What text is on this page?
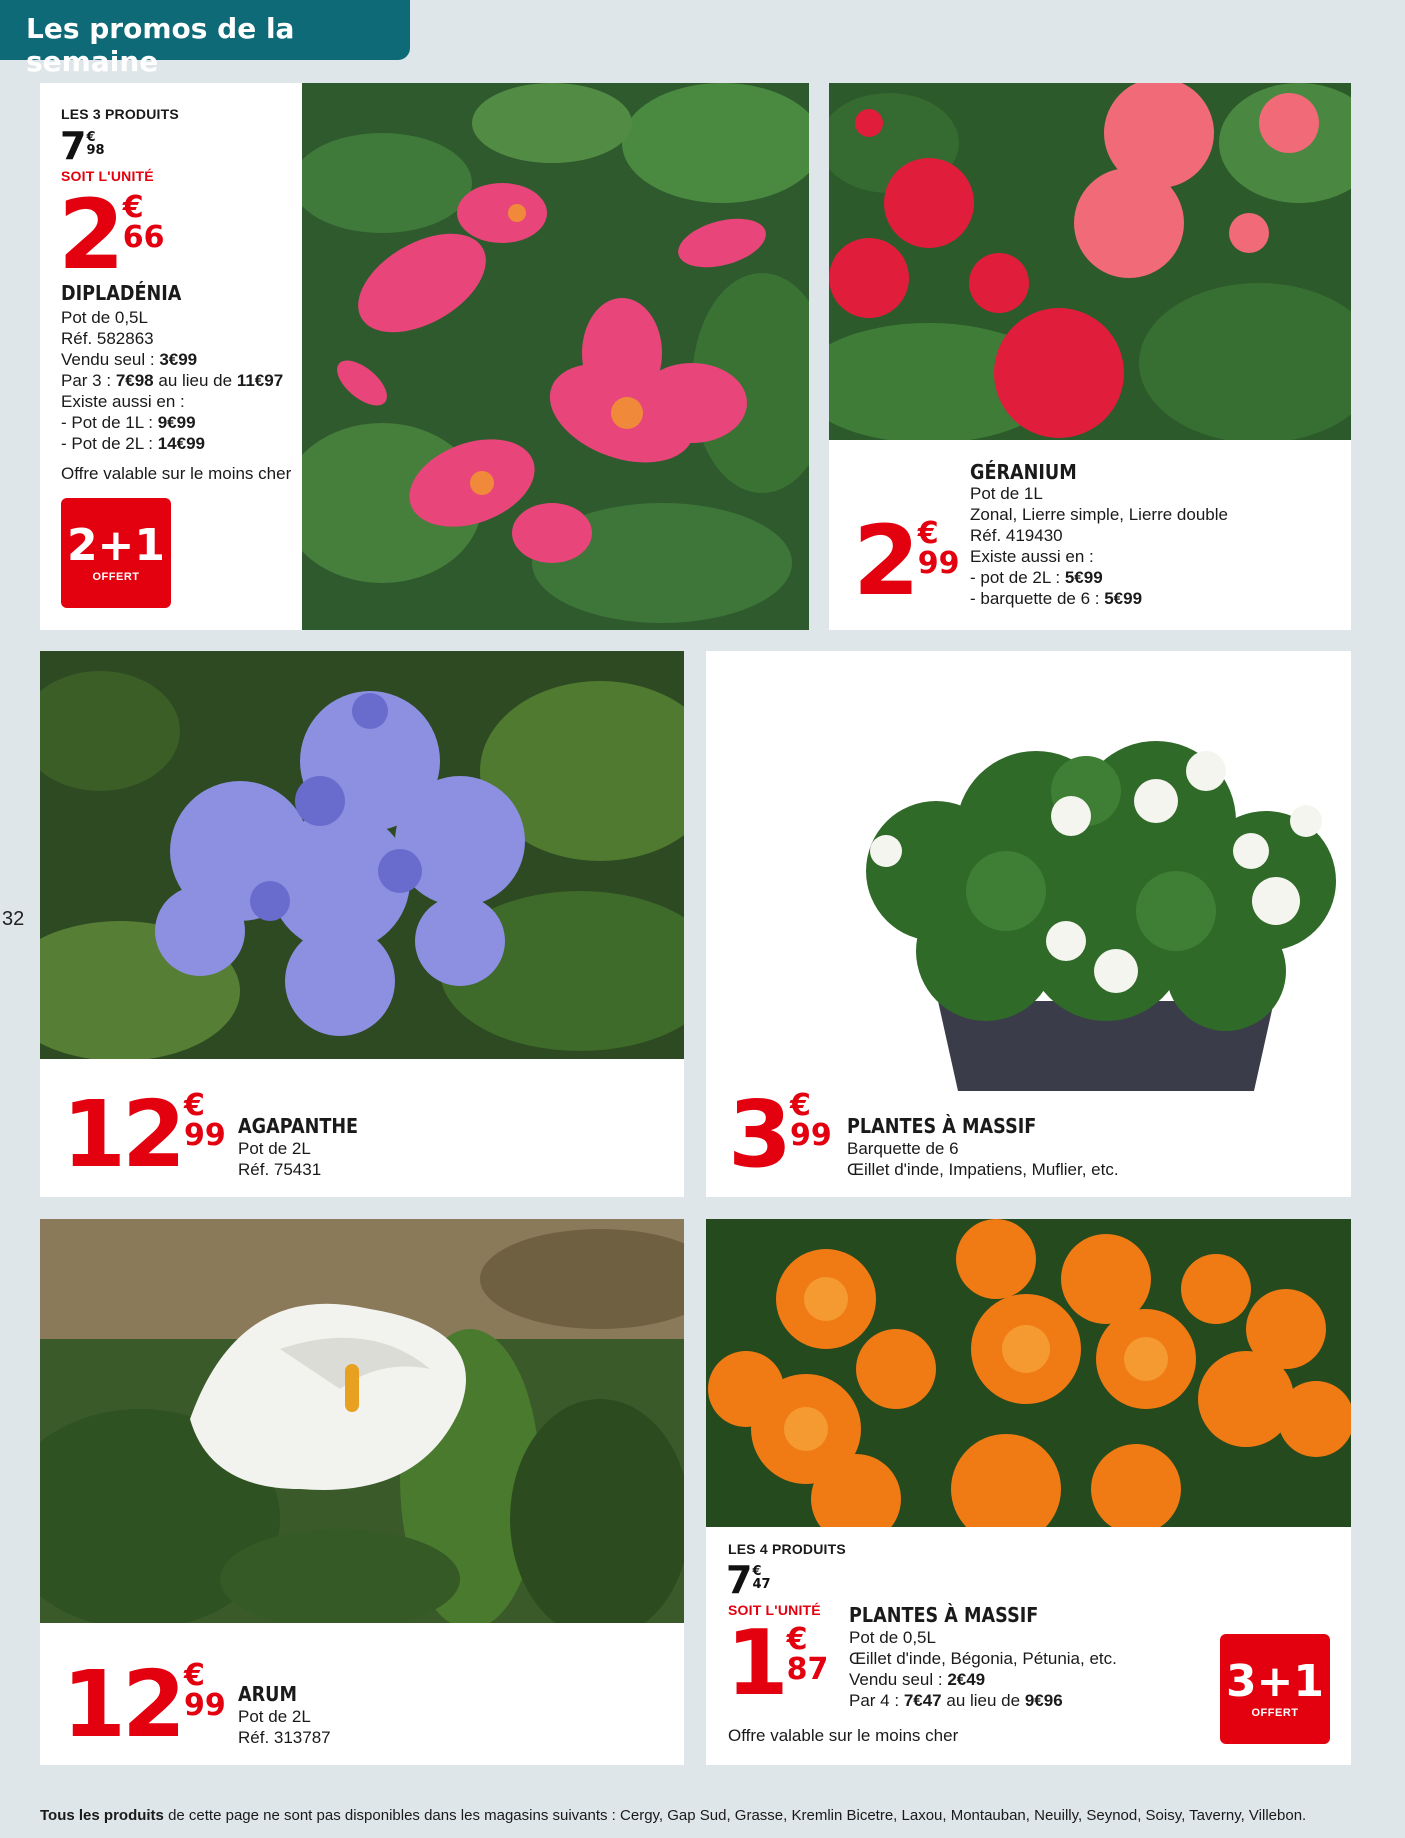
Les promos de la semaine
32
LES 3 PRODUITS
7 €
98
SOIT L'UNITÉ
2 €
66
DIPLADÉNIA
Pot de 0,5L
Réf. 582863
Vendu seul : 3€99
Par 3 : 7€98 au lieu de 11€97
Existe aussi en :
- Pot de 1L : 9€99
- Pot de 2L : 14€99
Offre valable sur le moins cher
2+1
OFFERT	2 €
99
GÉRANIUM
Pot de 1L
Zonal, Lierre simple, Lierre double
Réf. 419430
Existe aussi en :
- pot de 2L : 5€99
- barquette de 6 : 5€99
12 €
99 AGAPANTHE
Pot de 2L
Réf. 75431	3 €
99 PLANTES À MASSIF
Barquette de 6
Œillet d'inde, Impatiens, Muflier, etc.
12 €
99 ARUM
Pot de 2L
Réf. 313787
LES 4 PRODUITS
7 €
47
SOIT L'UNITÉ
1 €
87
PLANTES À MASSIF
Pot de 0,5L
Œillet d'inde, Bégonia, Pétunia, etc.
Vendu seul : 2€49
Par 4 : 7€47 au lieu de 9€96
Offre valable sur le moins cher
3+1
OFFERT
Tous les produits de cette page ne sont pas disponibles dans les magasins suivants : Cergy, Gap Sud, Grasse, Kremlin Bicetre, Laxou, Montauban, Neuilly, Seynod, Soisy, Taverny, Villebon.
